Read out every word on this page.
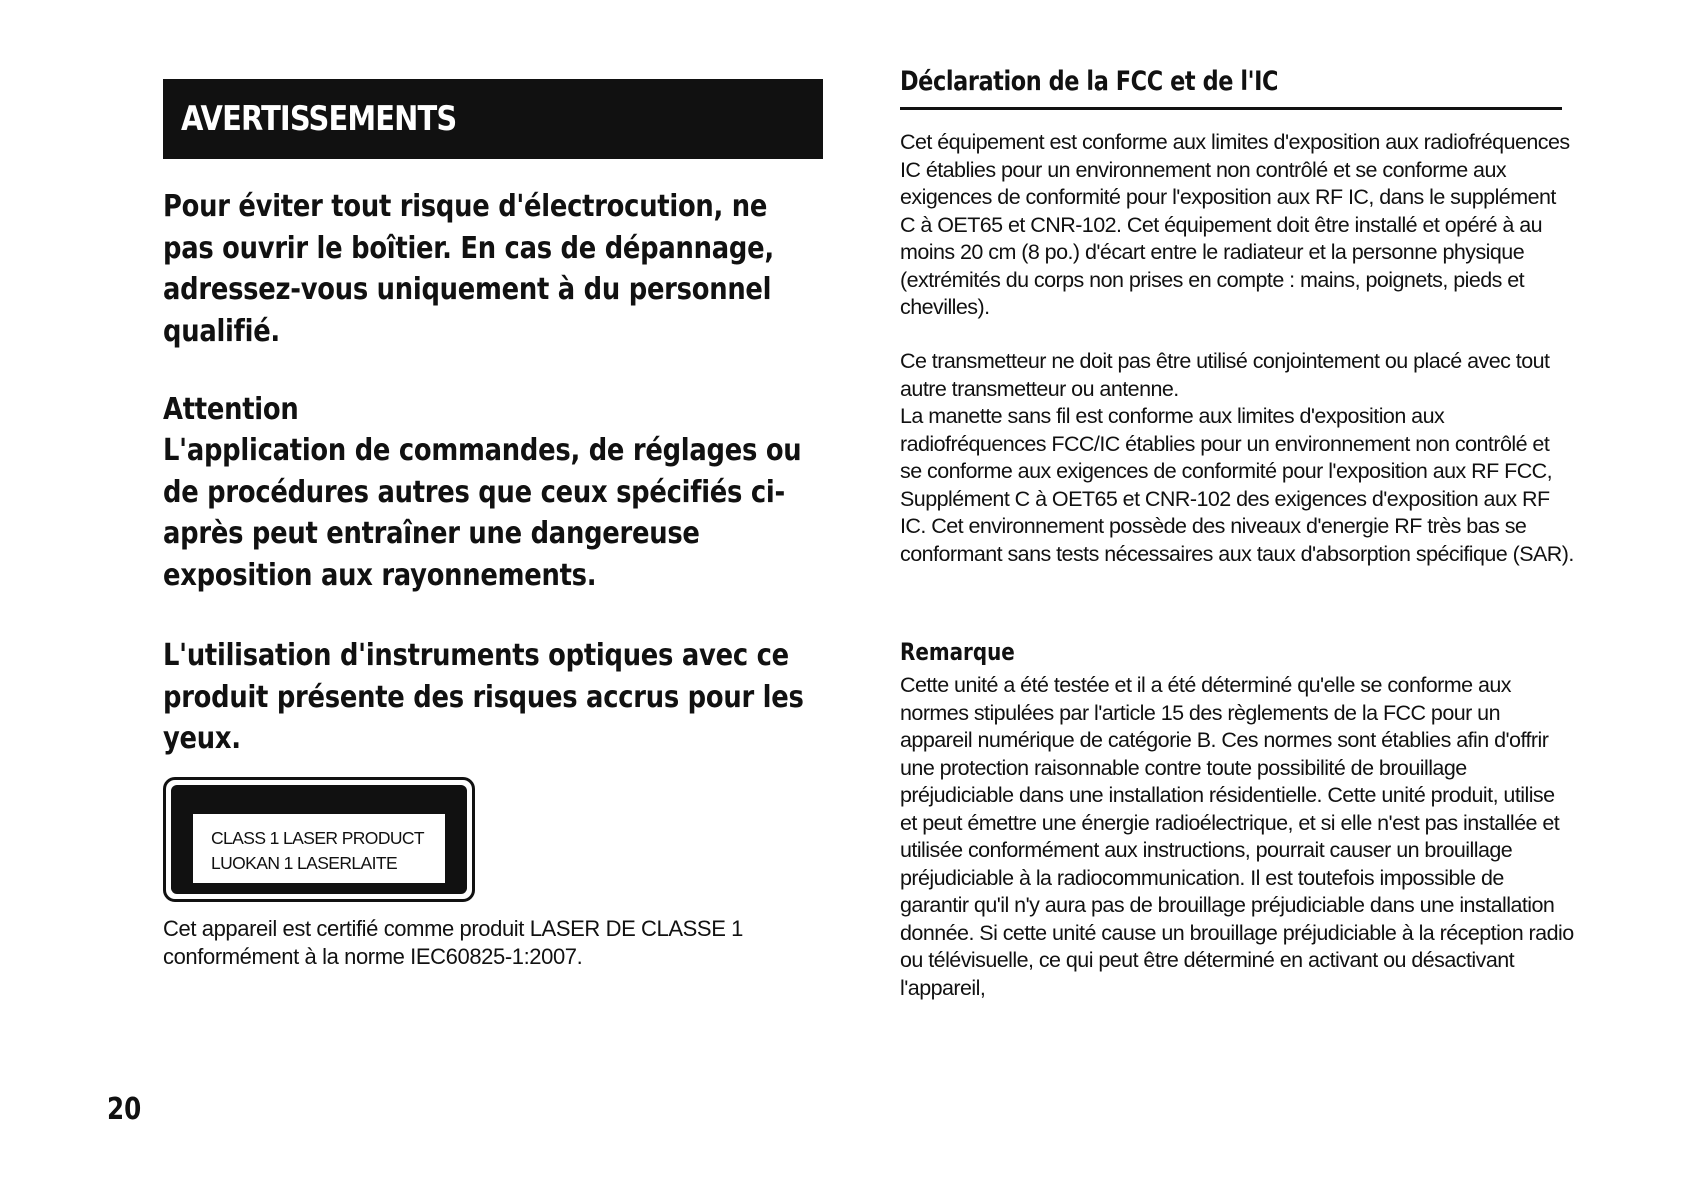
AVERTISSEMENTS

Pour éviter tout risque d'électrocution, ne pas ouvrir le boîtier. En cas de dépannage, adressez-vous uniquement à du personnel qualifié.

Attention

L'application de commandes, de réglages ou de procédures autres que ceux spécifiés ci-après peut entraîner une dangereuse exposition aux rayonnements.

L'utilisation d'instruments optiques avec ce produit présente des risques accrus pour les yeux.

CLASS 1 LASER PRODUCT
LUOKAN 1 LASERLAITE

Cet appareil est certifié comme produit LASER DE CLASSE 1 conformément à la norme IEC60825-1:2007.

Déclaration de la FCC et de l'IC

Cet équipement est conforme aux limites d'exposition aux radiofréquences IC établies pour un environnement non contrôlé et se conforme aux exigences de conformité pour l'exposition aux RF IC, dans le supplément C à OET65 et CNR-102. Cet équipement doit être installé et opéré à au moins 20 cm (8 po.) d'écart entre le radiateur et la personne physique (extrémités du corps non prises en compte : mains, poignets, pieds et chevilles).

Ce transmetteur ne doit pas être utilisé conjointement ou placé avec tout autre transmetteur ou antenne.

La manette sans fil est conforme aux limites d'exposition aux radiofréquences FCC/IC établies pour un environnement non contrôlé et se conforme aux exigences de conformité pour l'exposition aux RF FCC, Supplément C à OET65 et CNR-102 des exigences d'exposition aux RF IC. Cet environnement possède des niveaux d'energie RF très bas se conformant sans tests nécessaires aux taux d'absorption spécifique (SAR).

Remarque

Cette unité a été testée et il a été déterminé qu'elle se conforme aux normes stipulées par l'article 15 des règlements de la FCC pour un appareil numérique de catégorie B. Ces normes sont établies afin d'offrir une protection raisonnable contre toute possibilité de brouillage préjudiciable dans une installation résidentielle. Cette unité produit, utilise et peut émettre une énergie radioélectrique, et si elle n'est pas installée et utilisée conformément aux instructions, pourrait causer un brouillage préjudiciable à la radiocommunication. Il est toutefois impossible de garantir qu'il n'y aura pas de brouillage préjudiciable dans une installation donnée. Si cette unité cause un brouillage préjudiciable à la réception radio ou télévisuelle, ce qui peut être déterminé en activant ou désactivant l'appareil,

20
